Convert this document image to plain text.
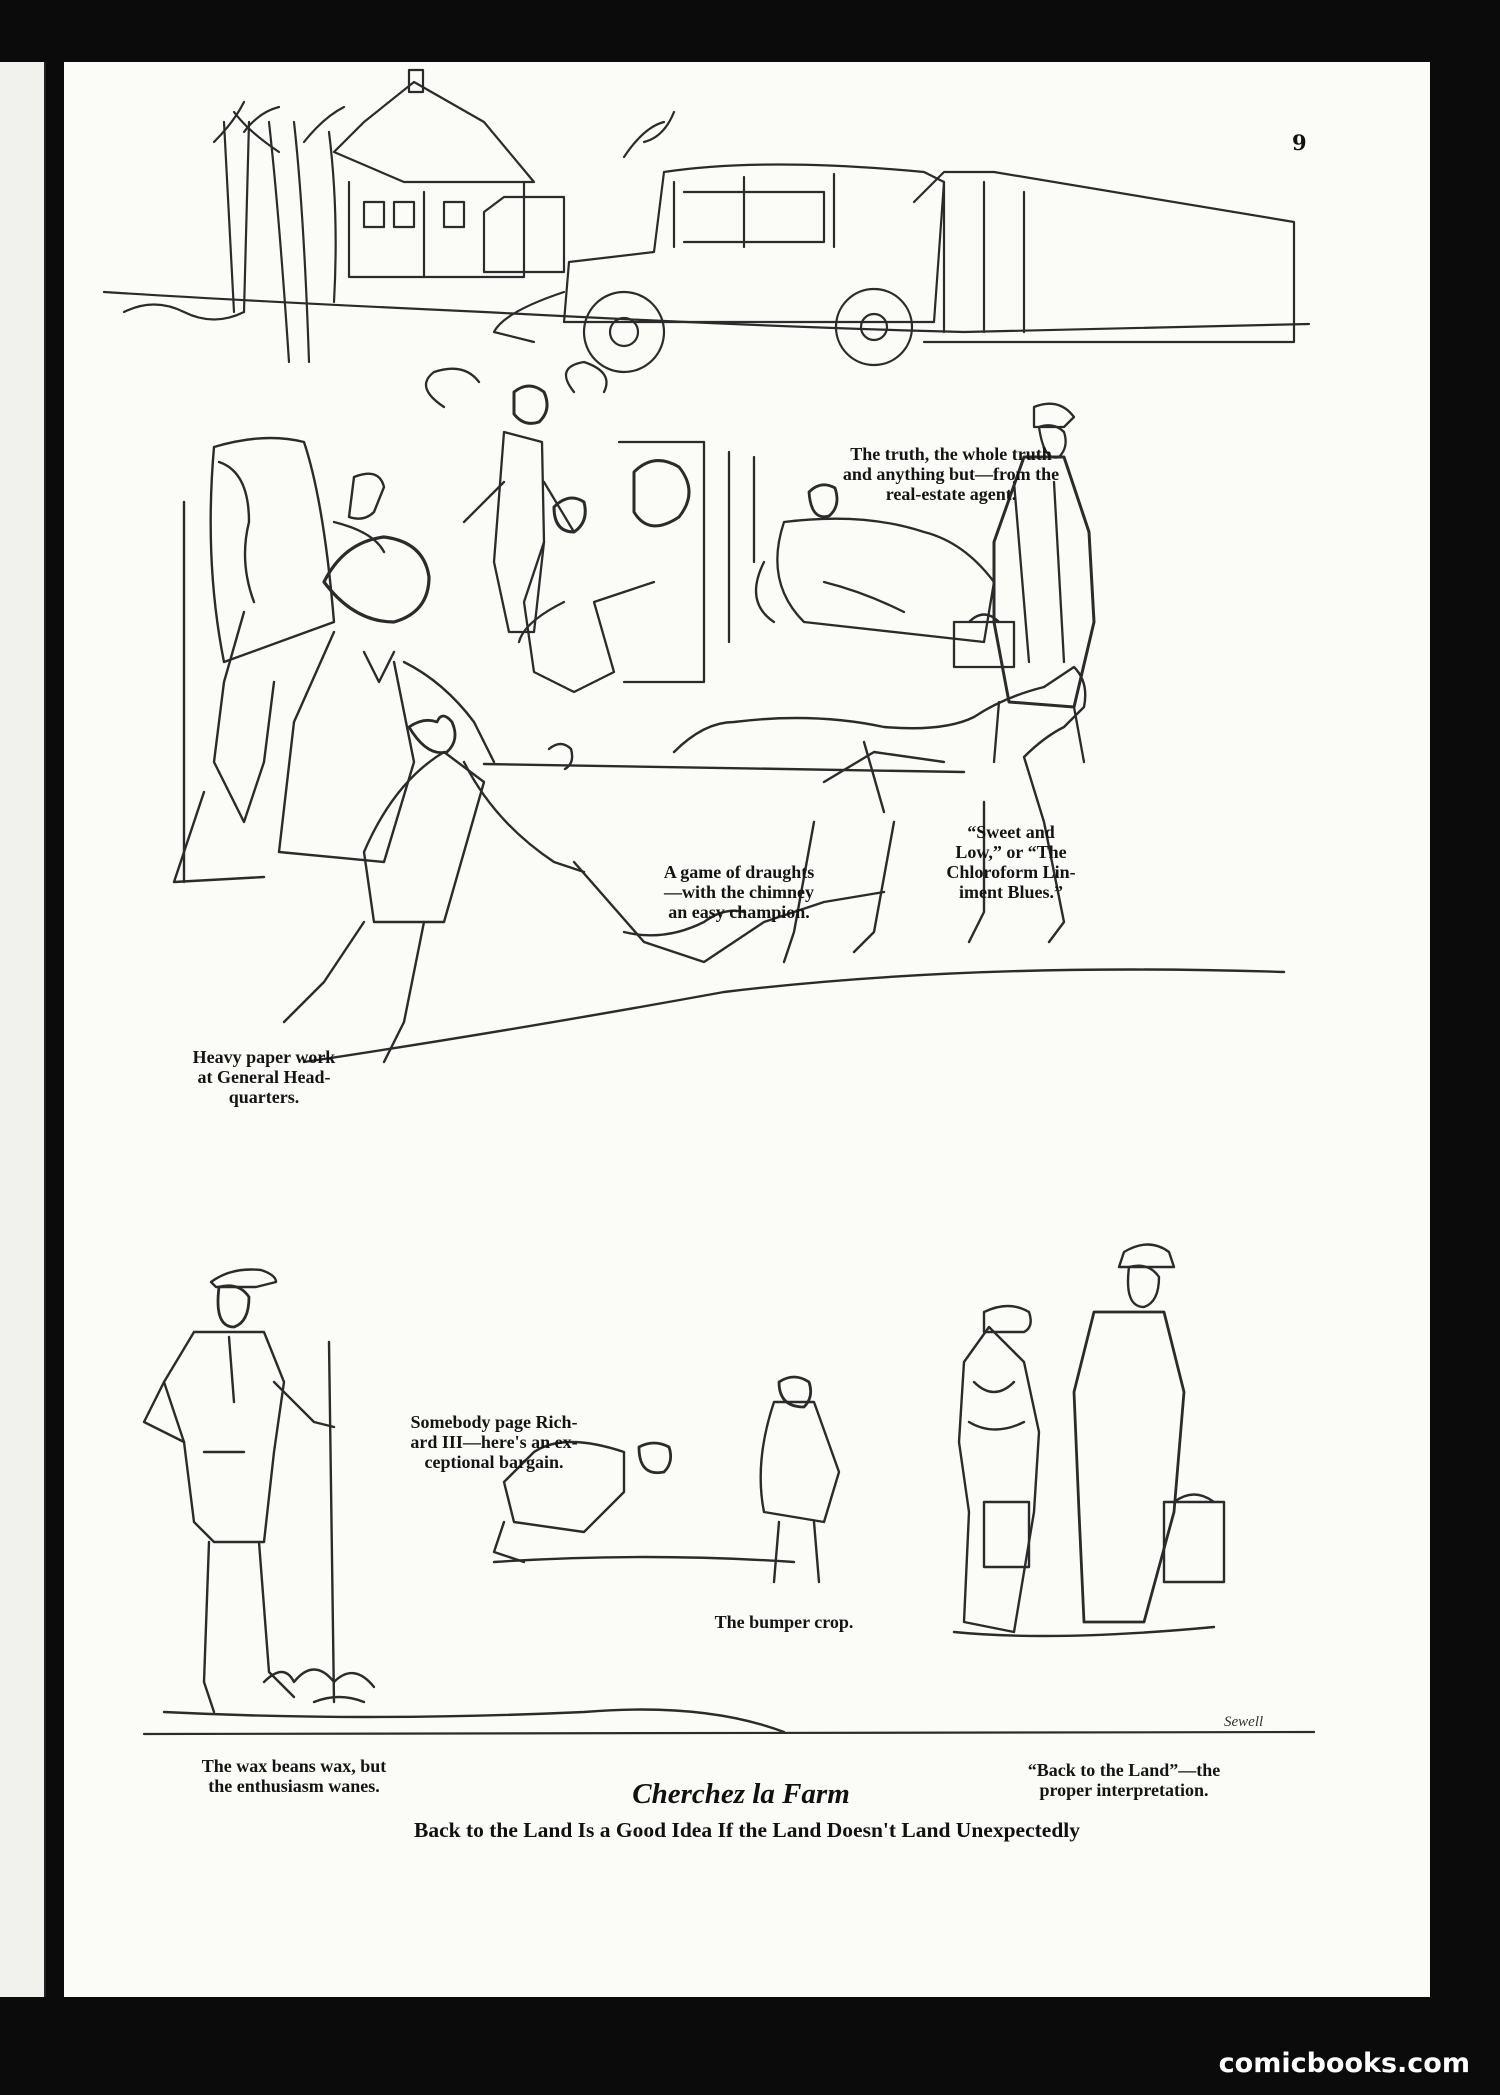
9
The truth, the whole truth
and anything but—from the
real-estate agent.
Heavy paper work
at General Head-
quarters.
A game of draughts
—with the chimney
an easy champion.
“Sweet and
Low,” or “The
Chloroform Lin-
iment Blues.”
Somebody page Rich-
ard III—here's an ex-
ceptional bargain.
The bumper crop.
The wax beans wax, but
the enthusiasm wanes.
“Back to the Land”—the
proper interpretation.
Sewell
Cherchez la Farm
Back to the Land Is a Good Idea If the Land Doesn't Land Unexpectedly
comicbooks.com
